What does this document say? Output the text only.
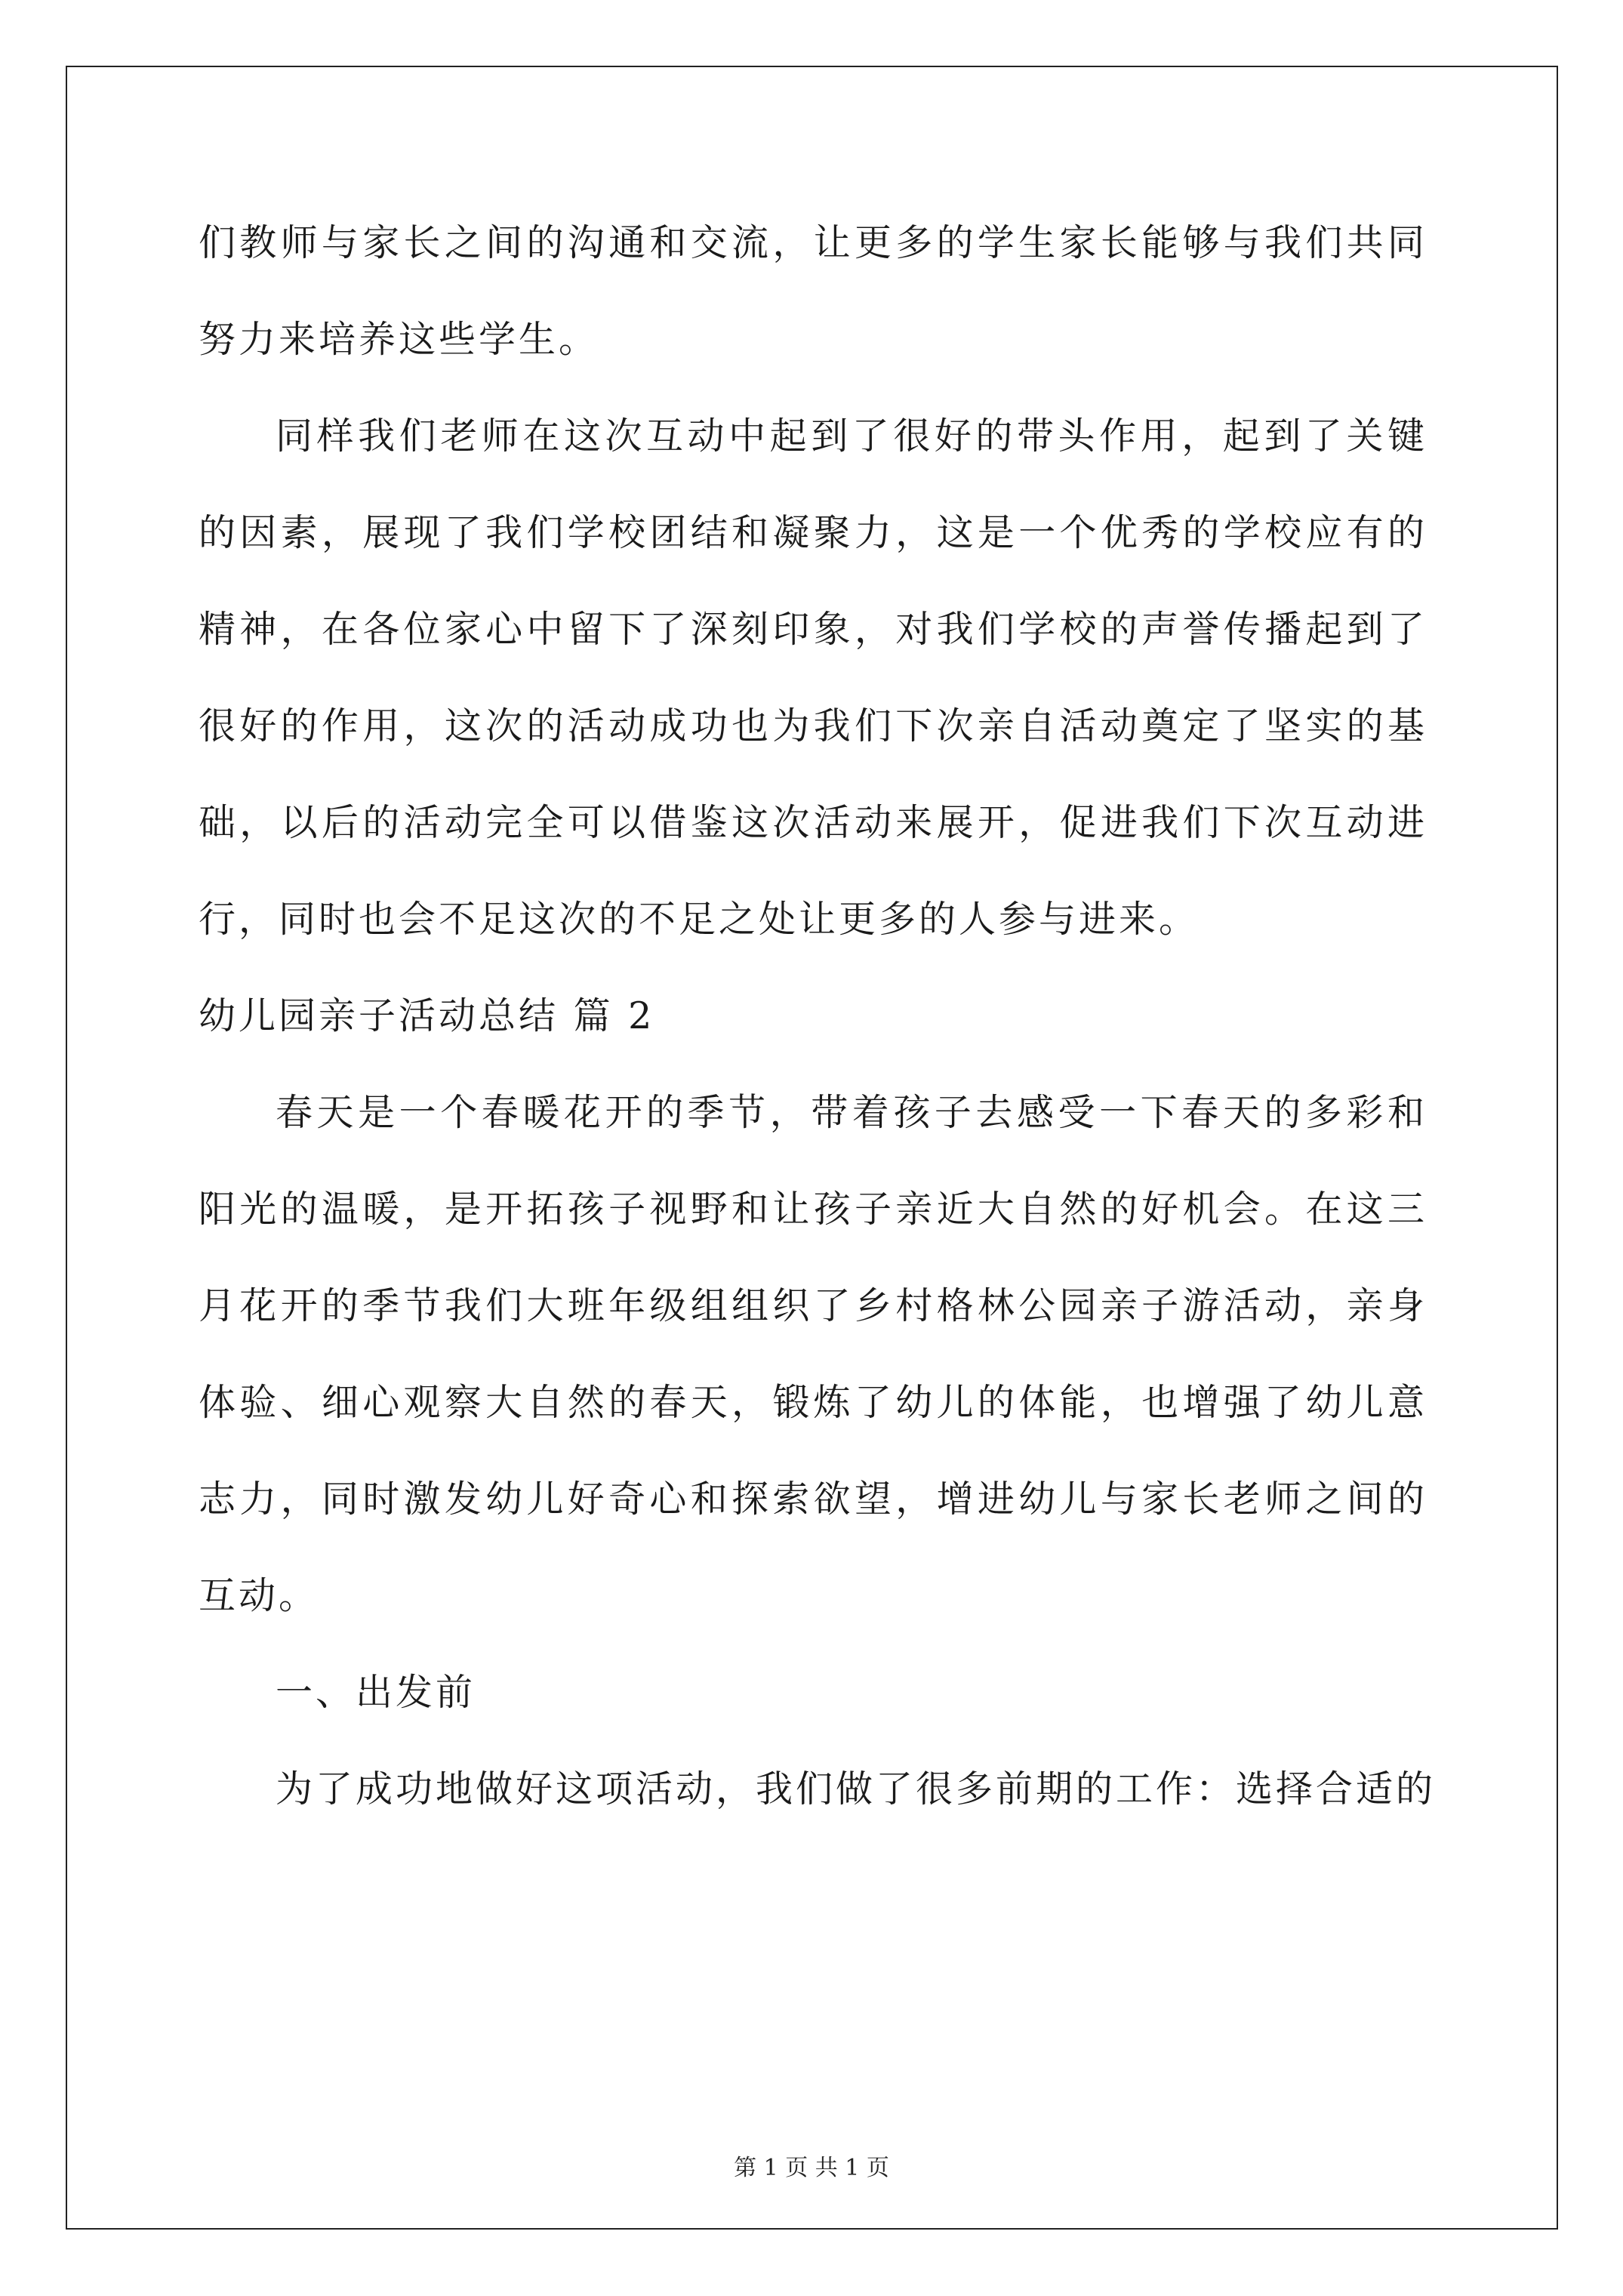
们教师与家长之间的沟通和交流，让更多的学生家长能够与我们共同
努力来培养这些学生。
同样我们老师在这次互动中起到了很好的带头作用，起到了关键
的因素，展现了我们学校团结和凝聚力，这是一个优秀的学校应有的
精神，在各位家心中留下了深刻印象，对我们学校的声誉传播起到了
很好的作用，这次的活动成功也为我们下次亲自活动奠定了坚实的基
础，以后的活动完全可以借鉴这次活动来展开，促进我们下次互动进
行，同时也会不足这次的不足之处让更多的人参与进来。
幼儿园亲子活动总结 篇 2
春天是一个春暖花开的季节，带着孩子去感受一下春天的多彩和
阳光的温暖，是开拓孩子视野和让孩子亲近大自然的好机会。在这三
月花开的季节我们大班年级组组织了乡村格林公园亲子游活动，亲身
体验、细心观察大自然的春天，锻炼了幼儿的体能，也增强了幼儿意
志力，同时激发幼儿好奇心和探索欲望，增进幼儿与家长老师之间的
互动。
一、出发前
为了成功地做好这项活动，我们做了很多前期的工作：选择合适的
第 1 页 共 1 页
